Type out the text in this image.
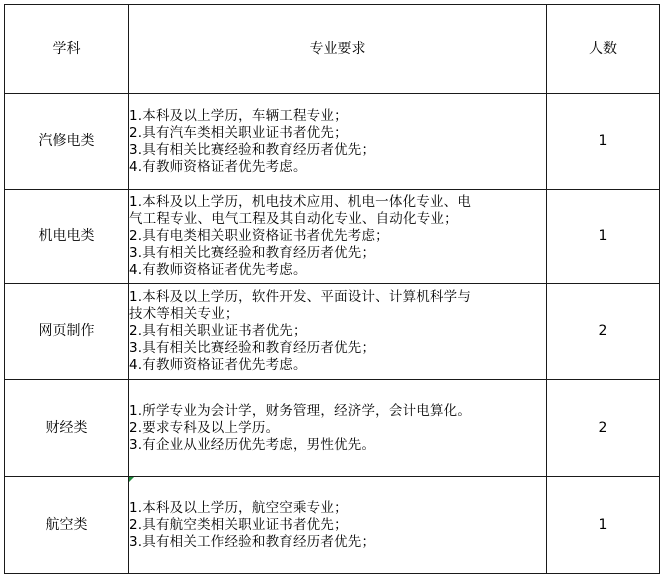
学科	专业要求	人数
汽修电类	1.本科及以上学历，车辆工程专业；
2.具有汽车类相关职业证书者优先；
3.具有相关比赛经验和教育经历者优先；
4.有教师资格证者优先考虑。	1
机电电类	1.本科及以上学历，机电技术应用、机电一体化专业、电
气工程专业、电气工程及其自动化专业、自动化专业；
2.具有电类相关职业资格证书者优先考虑；
3.具有相关比赛经验和教育经历者优先；
4.有教师资格证者优先考虑。	1
网页制作	1.本科及以上学历，软件开发、平面设计、计算机科学与
技术等相关专业；
2.具有相关职业证书者优先；
3.具有相关比赛经验和教育经历者优先；
4.有教师资格证者优先考虑。	2
财经类	1.所学专业为会计学，财务管理，经济学，会计电算化。
2.要求专科及以上学历。
3.有企业从业经历优先考虑，男性优先。	2
航空类	1.本科及以上学历，航空空乘专业；
2.具有航空类相关职业证书者优先；
3.具有相关工作经验和教育经历者优先；	1
